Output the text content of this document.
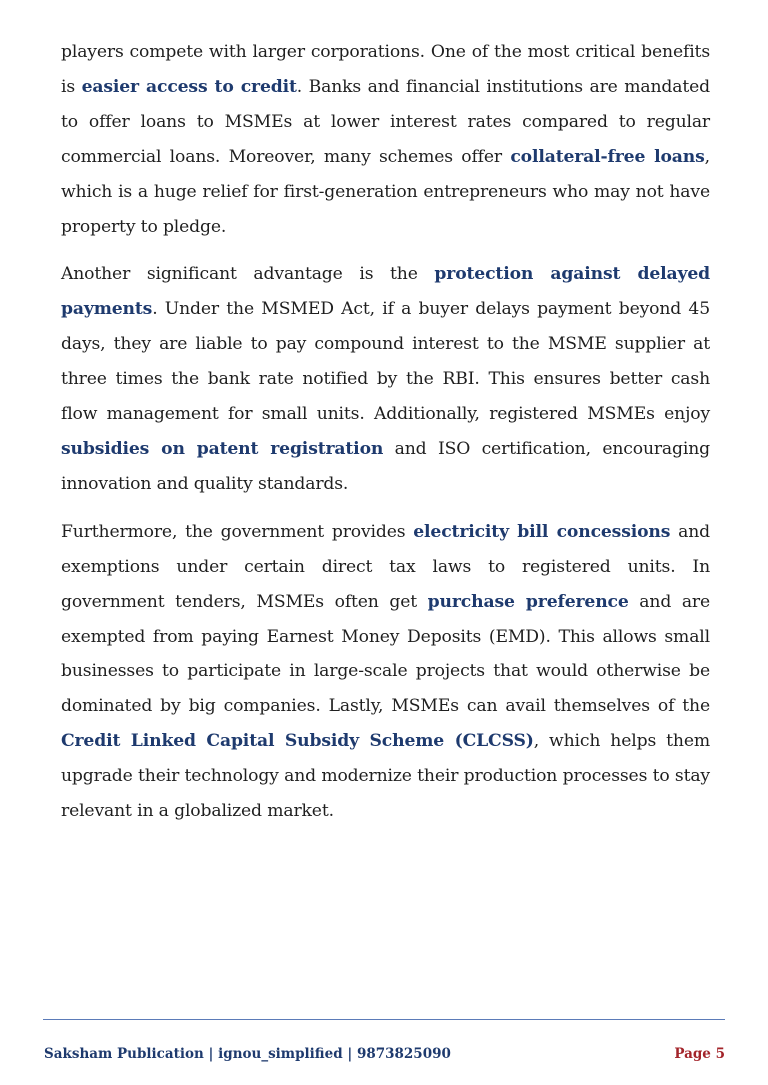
players compete with larger corporations. One of the most critical benefits is easier access to credit. Banks and financial institutions are mandated to offer loans to MSMEs at lower interest rates compared to regular commercial loans. Moreover, many schemes offer collateral-free loans, which is a huge relief for first-generation entrepreneurs who may not have property to pledge.

Another significant advantage is the protection against delayed payments. Under the MSMED Act, if a buyer delays payment beyond 45 days, they are liable to pay compound interest to the MSME supplier at three times the bank rate notified by the RBI. This ensures better cash flow management for small units. Additionally, registered MSMEs enjoy subsidies on patent registration and ISO certification, encouraging innovation and quality standards.

Furthermore, the government provides electricity bill concessions and exemptions under certain direct tax laws to registered units. In government tenders, MSMEs often get purchase preference and are exempted from paying Earnest Money Deposits (EMD). This allows small businesses to participate in large-scale projects that would otherwise be dominated by big companies. Lastly, MSMEs can avail themselves of the Credit Linked Capital Subsidy Scheme (CLCSS), which helps them upgrade their technology and modernize their production processes to stay relevant in a globalized market.

Saksham Publication | ignou_simplified | 9873825090	Page 5
